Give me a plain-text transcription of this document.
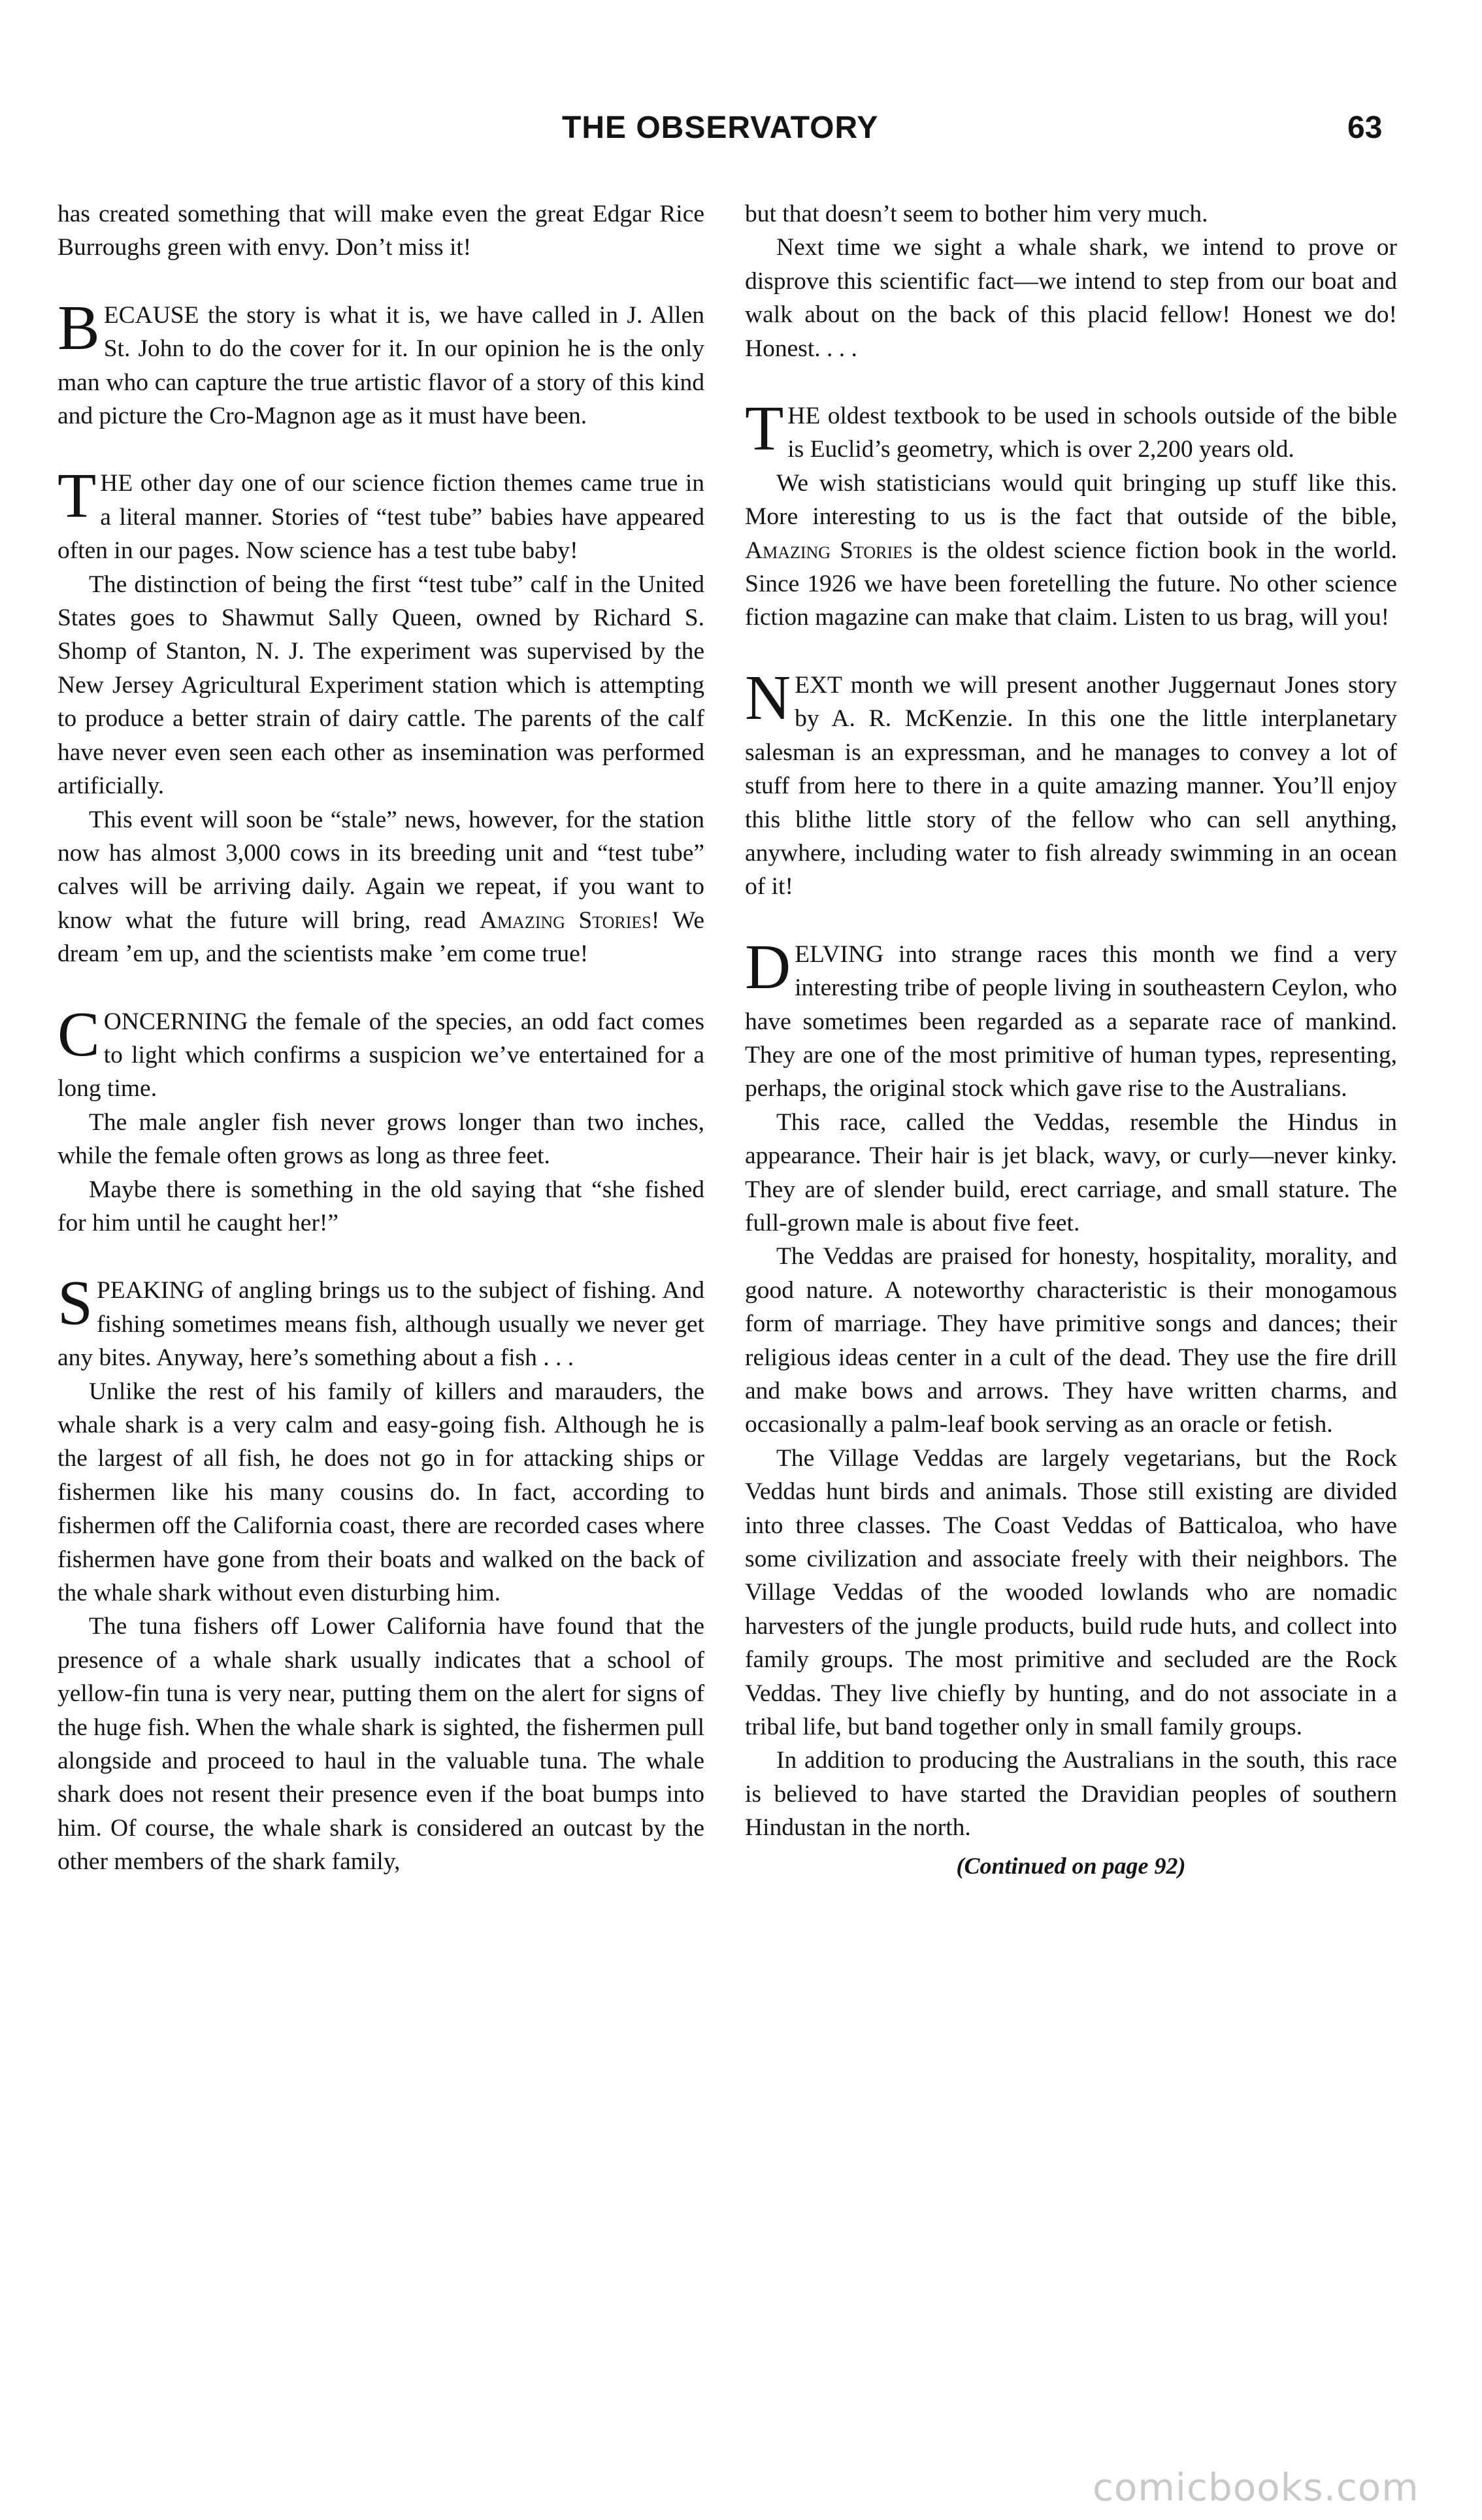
THE OBSERVATORY	63

has created something that will make even the great Edgar Rice Burroughs green with envy. Don’t miss it!

BECAUSE the story is what it is, we have called in J. Allen St. John to do the cover for it. In our opinion he is the only man who can capture the true artistic flavor of a story of this kind and picture the Cro-Magnon age as it must have been.

THE other day one of our science fiction themes came true in a literal manner. Stories of “test tube” babies have appeared often in our pages. Now science has a test tube baby!

The distinction of being the first “test tube” calf in the United States goes to Shawmut Sally Queen, owned by Richard S. Shomp of Stanton, N. J. The experiment was supervised by the New Jersey Agricultural Experiment station which is attempting to produce a better strain of dairy cattle. The parents of the calf have never even seen each other as insemination was performed artificially.

This event will soon be “stale” news, however, for the station now has almost 3,000 cows in its breeding unit and “test tube” calves will be arriving daily. Again we repeat, if you want to know what the future will bring, read Amazing Stories! We dream ’em up, and the scientists make ’em come true!

CONCERNING the female of the species, an odd fact comes to light which confirms a suspicion we’ve entertained for a long time.

The male angler fish never grows longer than two inches, while the female often grows as long as three feet.

Maybe there is something in the old saying that “she fished for him until he caught her!”

SPEAKING of angling brings us to the subject of fishing. And fishing sometimes means fish, although usually we never get any bites. Anyway, here’s something about a fish . . .

Unlike the rest of his family of killers and marauders, the whale shark is a very calm and easy-going fish. Although he is the largest of all fish, he does not go in for attacking ships or fishermen like his many cousins do. In fact, according to fishermen off the California coast, there are recorded cases where fishermen have gone from their boats and walked on the back of the whale shark without even disturbing him.

The tuna fishers off Lower California have found that the presence of a whale shark usually indicates that a school of yellow-fin tuna is very near, putting them on the alert for signs of the huge fish. When the whale shark is sighted, the fishermen pull alongside and proceed to haul in the valuable tuna. The whale shark does not resent their presence even if the boat bumps into him. Of course, the whale shark is considered an outcast by the other members of the shark family,

but that doesn’t seem to bother him very much.

Next time we sight a whale shark, we intend to prove or disprove this scientific fact—we intend to step from our boat and walk about on the back of this placid fellow! Honest we do! Honest. . . .

THE oldest textbook to be used in schools outside of the bible is Euclid’s geometry, which is over 2,200 years old.

We wish statisticians would quit bringing up stuff like this. More interesting to us is the fact that outside of the bible, Amazing Stories is the oldest science fiction book in the world. Since 1926 we have been foretelling the future. No other science fiction magazine can make that claim. Listen to us brag, will you!

NEXT month we will present another Juggernaut Jones story by A. R. McKenzie. In this one the little interplanetary salesman is an expressman, and he manages to convey a lot of stuff from here to there in a quite amazing manner. You’ll enjoy this blithe little story of the fellow who can sell anything, anywhere, including water to fish already swimming in an ocean of it!

DELVING into strange races this month we find a very interesting tribe of people living in southeastern Ceylon, who have sometimes been regarded as a separate race of mankind. They are one of the most primitive of human types, representing, perhaps, the original stock which gave rise to the Australians.

This race, called the Veddas, resemble the Hindus in appearance. Their hair is jet black, wavy, or curly—never kinky. They are of slender build, erect carriage, and small stature. The full-grown male is about five feet.

The Veddas are praised for honesty, hospitality, morality, and good nature. A noteworthy characteristic is their monogamous form of marriage. They have primitive songs and dances; their religious ideas center in a cult of the dead. They use the fire drill and make bows and arrows. They have written charms, and occasionally a palm-leaf book serving as an oracle or fetish.

The Village Veddas are largely vegetarians, but the Rock Veddas hunt birds and animals. Those still existing are divided into three classes. The Coast Veddas of Batticaloa, who have some civilization and associate freely with their neighbors. The Village Veddas of the wooded lowlands who are nomadic harvesters of the jungle products, build rude huts, and collect into family groups. The most primitive and secluded are the Rock Veddas. They live chiefly by hunting, and do not associate in a tribal life, but band together only in small family groups.

In addition to producing the Australians in the south, this race is believed to have started the Dravidian peoples of southern Hindustan in the north.

(Continued on page 92)
comicbooks.com
